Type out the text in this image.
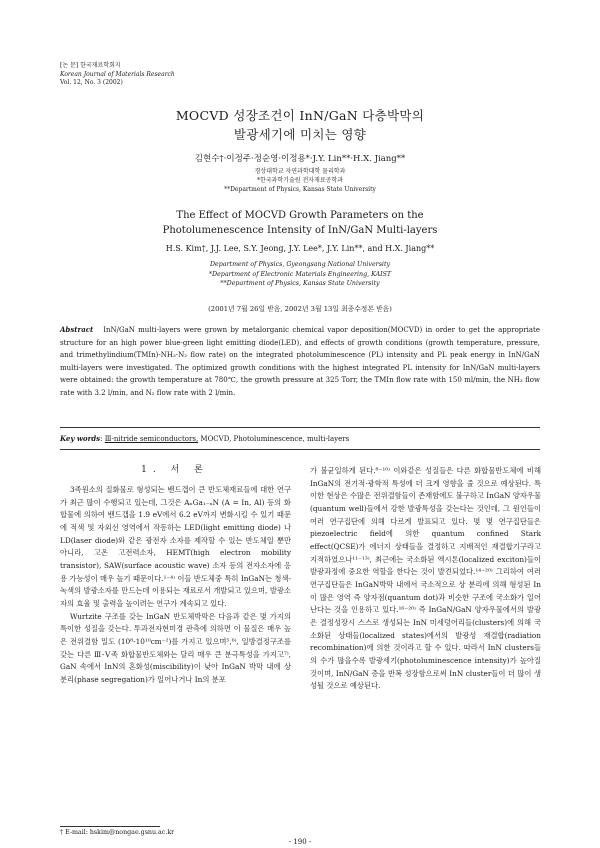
[논 문] 한국재료학회지
Korean Journal of Materials Research
Vol. 12, No. 3 (2002)
MOCVD 성장조건이 InN/GaN 다층박막의
발광세기에 미치는 영향
김현수†·이정주·정순영·이정용*·J.Y. Lin**·H.X. Jiang**
경상대학교 자연과학대학 물리학과
*한국과학기술원 전자재료공학과
**Department of Physics, Kansas State University
The Effect of MOCVD Growth Parameters on the
Photolumenescence Intensity of InN/GaN Multi-layers
H.S. Kim†, J.J. Lee, S.Y. Jeong, J.Y. Lee*, J.Y. Lin**, and H.X. Jiang**
Department of Physics, Gyeongsang National University
*Department of Electronic Materials Engineering, KAIST
**Department of Physics, Kansas State University
(2001년 7월 26일 받음, 2002년 3월 13일 최종수정본 받음)
Abstract InN/GaN multi-layers were grown by metalorganic chemical vapor deposition(MOCVD) in order to get the appropriate structure for an high power blue-green light emitting diode(LED), and effects of growth conditions (growth temperature, pressure, and trimethylindium(TMIn)-NH₃-N₂ flow rate) on the integrated photoluminescence (PL) intensity and PL peak energy in InN/GaN multi-layers were investigated. The optimized growth conditions with the highest integrated PL intensity for InN/GaN multi-layers were obtained: the growth temperature at 780℃, the growth pressure at 325 Torr, the TMIn flow rate with 150 ml/min, the NH₃ flow rate with 3.2 l/min, and N₂ flow rate with 2 l/min.
Key words: Ⅲ-nitride semiconductors, MOCVD, Photoluminescence, multi-layers
1. 서 론

3족원소의 질화물로 형성되는 밴드갭이 큰 반도체재료들에 대한 연구가 최근 많이 수행되고 있는데, 그것은 AₓGa₁₋ₓN (A = In, Al) 등의 화합물에 의하여 밴드갭을 1.9 eV에서 6.2 eV까지 변화시킬 수 있기 때문에 적색 및 자외선 영역에서 작동하는 LED(light emitting diode) 나 LD(laser diode)와 같은 광전자 소자를 제작할 수 있는 반도체일 뿐만 아니라, 고온 고전력소자, HEMT(high electron mobility transistor), SAW(surface acoustic wave) 소자 등의 전자소자에 응용 가능성이 매우 높기 때문이다.¹⁻⁴⁾ 이들 반도체중 특히 InGaN는 청색-녹색의 발광소자를 만드는데 이용되는 재료로서 개발되고 있으며, 발광소자의 효율 및 출력을 높이려는 연구가 계속되고 있다.

Wurtzite 구조를 갖는 InGaN 반도체박막은 다음과 같은 몇 가지의 특이한 성질을 갖는다. 투과전자현미경 관측에 의하면 이 물질은 매우 높은 전위결함 밀도 (10⁸-10¹⁰cm⁻²)를 가지고 있으며⁵,⁶⁾, 일방결정구조를 갖는 다른 Ⅲ-Ⅴ족 화합물반도체와는 달리 매우 큰 분극특성을 가지고⁷⁾, GaN 속에서 InN의 혼화성(miscibility)이 낮아 InGaN 박막 내에 상 분리(phase segregation)가 일어나거나 In의 분포

가 불균일하게 된다.⁸⁻¹⁰⁾ 이와같은 성질들은 다른 화합물반도체에 비해 InGaN의 전기적·광학적 특성에 더 크게 영향을 줄 것으로 예상된다. 특이한 현상은 수많은 전위결함들이 존재함에도 불구하고 InGaN 양자우물(quantum well)들에서 강한 발광특성을 갖는다는 것인데, 그 원인들이 여러 연구집단에 의해 다르게 발표되고 있다. 몇 몇 연구집단들은 piezoelectric field에 의한 quantum confined Stark effect(QCSE)가 에너지 상태들을 결정하고 지배적인 재결합기구라고 지적하였으나¹¹⁻¹³⁾, 최근에는 국소화된 엑시톤(localized exciton)들이 발광과정에 중요한 역할을 한다는 것이 발견되었다.¹⁴⁻²⁰⁾ 그리하여 여러 연구집단들은 InGaN박막 내에서 국소적으로 상 분리에 의해 형성된 In이 많은 영역 즉 양자점(quantum dot)과 비슷한 구조에 국소화가 일어난다는 것을 인용하고 있다.¹⁶⁻²⁰⁾ 즉 InGaN/GaN 양자우물에서의 발광은 결정성장시 스스로 생성되는 InN 미세덩어리들(clusters)에 의해 국소화된 상태들(localized states)에서의 발광성 재결합(radiation recombination)에 의한 것이라고 할 수 있다. 따라서 InN clusters들의 수가 많을수록 발광세기(photoluminescence intensity)가 높아질 것이며, InN/GaN 층을 반복 성장함으로써 InN cluster들이 더 많이 생성될 것으로 예상된다.

† E-mail: hskim@nongae.gsnu.ac.kr
- 190 -
